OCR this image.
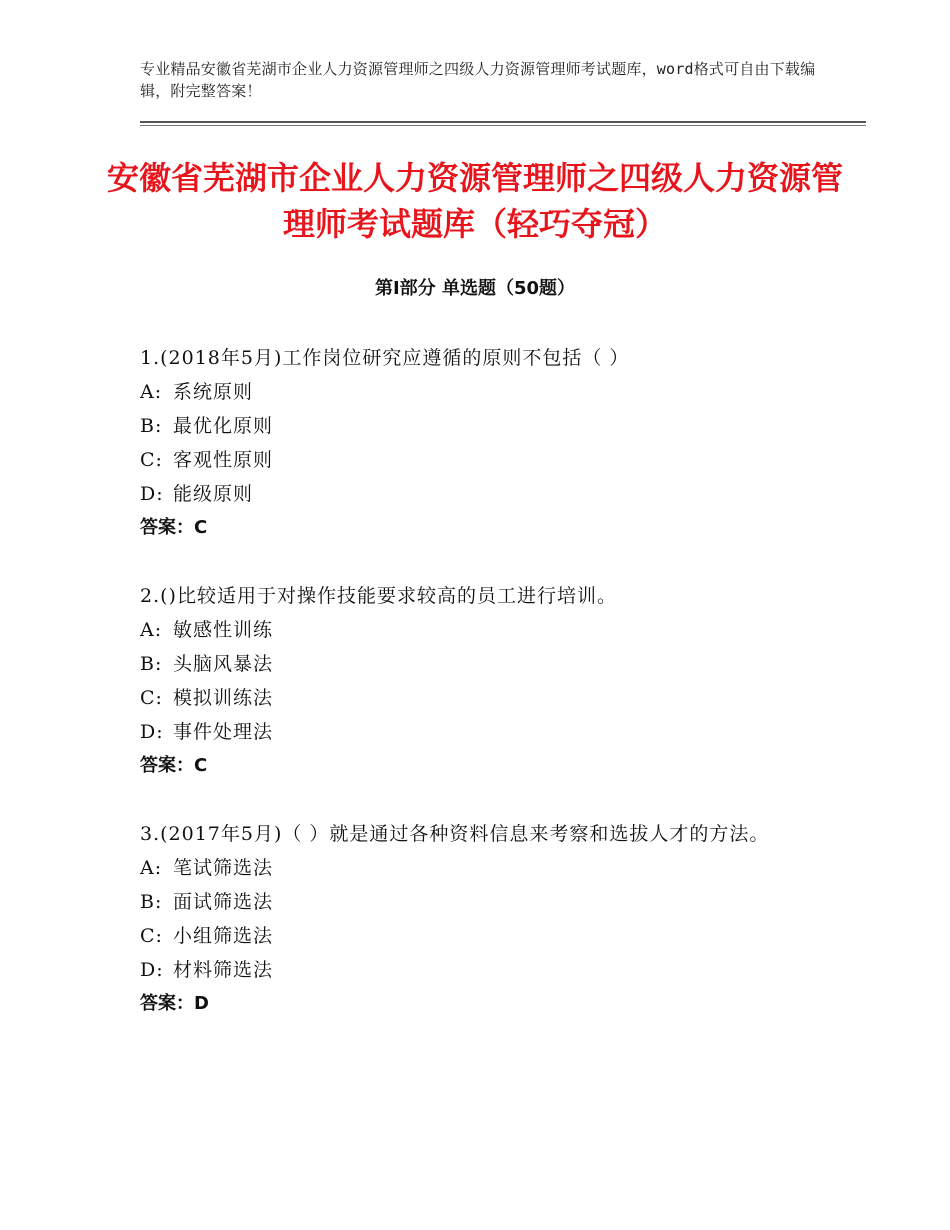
专业精品安徽省芜湖市企业人力资源管理师之四级人力资源管理师考试题库，word格式可自由下载编辑，附完整答案！
安徽省芜湖市企业人力资源管理师之四级人力资源管理师考试题库（轻巧夺冠）
第Ⅰ部分 单选题（50题）
1.(2018年5月)工作岗位研究应遵循的原则不包括（ ）
A: 系统原则
B: 最优化原则
C: 客观性原则
D: 能级原则
答案：C
2.()比较适用于对操作技能要求较高的员工进行培训。
A: 敏感性训练
B: 头脑风暴法
C: 模拟训练法
D: 事件处理法
答案：C
3.(2017年5月)（ ）就是通过各种资料信息来考察和选拔人才的方法。
A: 笔试筛选法
B: 面试筛选法
C: 小组筛选法
D: 材料筛选法
答案：D
